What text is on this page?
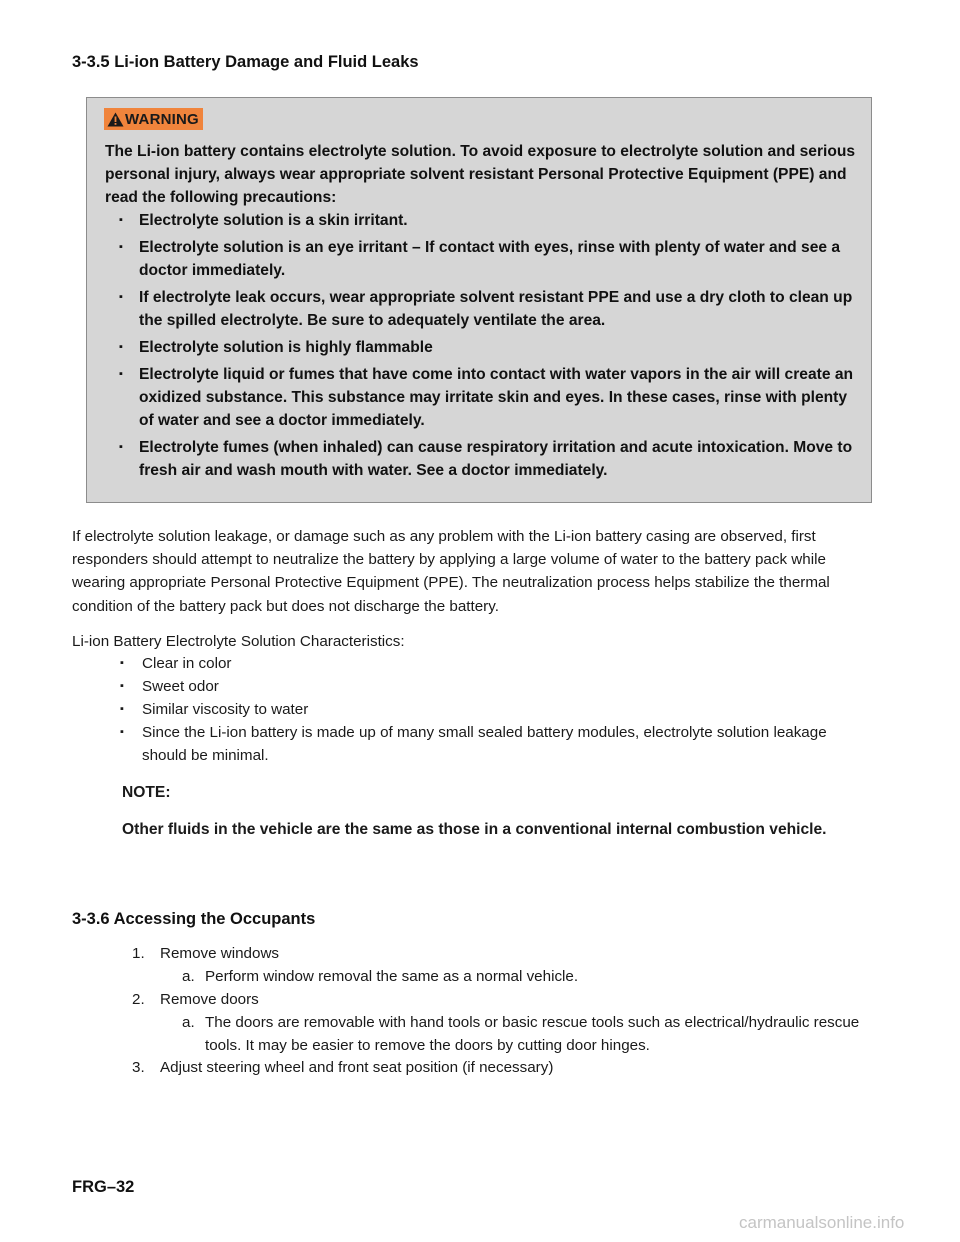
3-3.5 Li-ion Battery Damage and Fluid Leaks
WARNING
The Li-ion battery contains electrolyte solution. To avoid exposure to electrolyte solution and serious personal injury, always wear appropriate solvent resistant Personal Protective Equipment (PPE) and read the following precautions:
▪ Electrolyte solution is a skin irritant.
▪ Electrolyte solution is an eye irritant – If contact with eyes, rinse with plenty of water and see a doctor immediately.
▪ If electrolyte leak occurs, wear appropriate solvent resistant PPE and use a dry cloth to clean up the spilled electrolyte. Be sure to adequately ventilate the area.
▪ Electrolyte solution is highly flammable
▪ Electrolyte liquid or fumes that have come into contact with water vapors in the air will create an oxidized substance. This substance may irritate skin and eyes. In these cases, rinse with plenty of water and see a doctor immediately.
▪ Electrolyte fumes (when inhaled) can cause respiratory irritation and acute intoxication. Move to fresh air and wash mouth with water. See a doctor immediately.
If electrolyte solution leakage, or damage such as any problem with the Li-ion battery casing are observed, first responders should attempt to neutralize the battery by applying a large volume of water to the battery pack while wearing appropriate Personal Protective Equipment (PPE). The neutralization process helps stabilize the thermal condition of the battery pack but does not discharge the battery.
Li-ion Battery Electrolyte Solution Characteristics:
▪ Clear in color
▪ Sweet odor
▪ Similar viscosity to water
▪ Since the Li-ion battery is made up of many small sealed battery modules, electrolyte solution leakage should be minimal.
NOTE:
Other fluids in the vehicle are the same as those in a conventional internal combustion vehicle.
3-3.6 Accessing the Occupants
1. Remove windows
a. Perform window removal the same as a normal vehicle.
2. Remove doors
a. The doors are removable with hand tools or basic rescue tools such as electrical/hydraulic rescue tools. It may be easier to remove the doors by cutting door hinges.
3. Adjust steering wheel and front seat position (if necessary)
FRG–32
carmanualsonline.info
